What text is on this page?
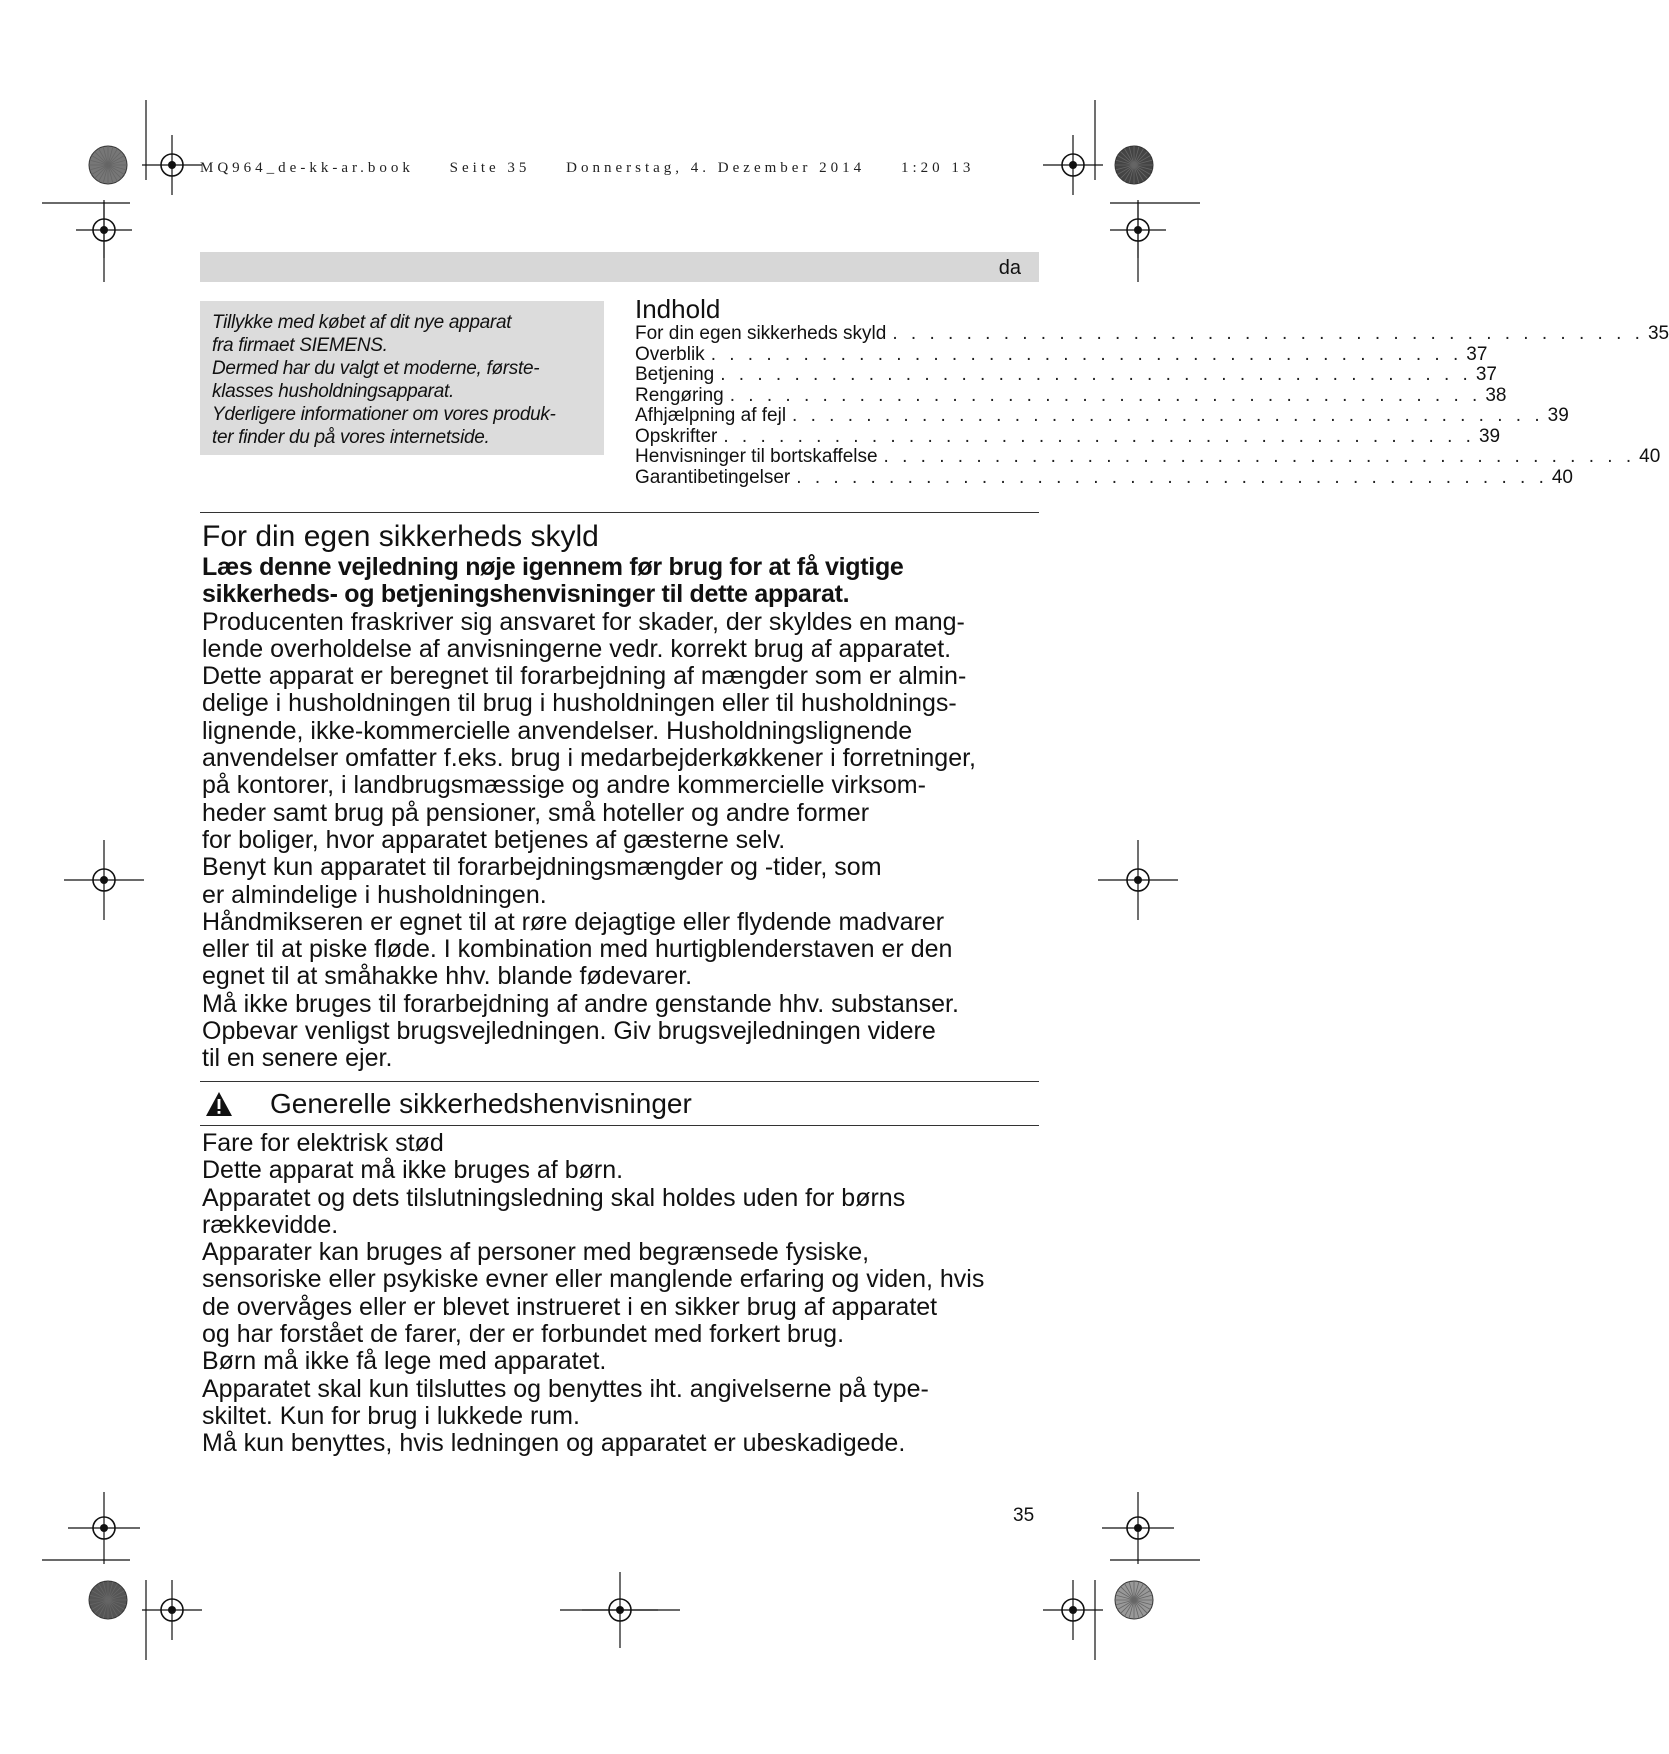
MQ964_de-kk-ar.book Seite 35 Donnerstag, 4. Dezember 2014 1:20 13
da

Tillykke med købet af dit nye apparat

fra firmaet SIEMENS.

Dermed har du valgt et moderne, første-

klasses husholdningsapparat.

Yderligere informationer om vores produk-

ter finder du på vores internetside.

Indhold
For din egen sikkerheds skyld . . . . . . . . . . . . . . . . . . . . . . . . . . . . . . . . . . . . . . . . . 35
Overblik . . . . . . . . . . . . . . . . . . . . . . . . . . . . . . . . . . . . . . . . . 37
Betjening . . . . . . . . . . . . . . . . . . . . . . . . . . . . . . . . . . . . . . . . . 37
Rengøring . . . . . . . . . . . . . . . . . . . . . . . . . . . . . . . . . . . . . . . . . 38
Afhjælpning af fejl . . . . . . . . . . . . . . . . . . . . . . . . . . . . . . . . . . . . . . . . . 39
Opskrifter . . . . . . . . . . . . . . . . . . . . . . . . . . . . . . . . . . . . . . . . . 39
Henvisninger til bortskaffelse . . . . . . . . . . . . . . . . . . . . . . . . . . . . . . . . . . . . . . . . . 40
Garantibetingelser . . . . . . . . . . . . . . . . . . . . . . . . . . . . . . . . . . . . . . . . . 40
For din egen sikkerheds skyld

Læs denne vejledning nøje igennem før brug for at få vigtige

sikkerheds- og betjeningshenvisninger til dette apparat.

Producenten fraskriver sig ansvaret for skader, der skyldes en mang-

lende overholdelse af anvisningerne vedr. korrekt brug af apparatet.

Dette apparat er beregnet til forarbejdning af mængder som er almin-

delige i husholdningen til brug i husholdningen eller til husholdnings-

lignende, ikke-kommercielle anvendelser. Husholdningslignende

anvendelser omfatter f.eks. brug i medarbejderkøkkener i forretninger,

på kontorer, i landbrugsmæssige og andre kommercielle virksom-

heder samt brug på pensioner, små hoteller og andre former

for boliger, hvor apparatet betjenes af gæsterne selv.

Benyt kun apparatet til forarbejdningsmængder og -tider, som

er almindelige i husholdningen.

Håndmikseren er egnet til at røre dejagtige eller flydende madvarer

eller til at piske fløde. I kombination med hurtigblenderstaven er den

egnet til at småhakke hhv. blande fødevarer.

Må ikke bruges til forarbejdning af andre genstande hhv. substanser.

Opbevar venligst brugsvejledningen. Giv brugsvejledningen videre

til en senere ejer.

Generelle sikkerhedshenvisninger
Fare for elektrisk stød

Dette apparat må ikke bruges af børn.

Apparatet og dets tilslutningsledning skal holdes uden for børns

rækkevidde.

Apparater kan bruges af personer med begrænsede fysiske,

sensoriske eller psykiske evner eller manglende erfaring og viden, hvis

de overvåges eller er blevet instrueret i en sikker brug af apparatet

og har forstået de farer, der er forbundet med forkert brug.

Børn må ikke få lege med apparatet.

Apparatet skal kun tilsluttes og benyttes iht. angivelserne på type-

skiltet. Kun for brug i lukkede rum.

Må kun benyttes, hvis ledningen og apparatet er ubeskadigede.

35
